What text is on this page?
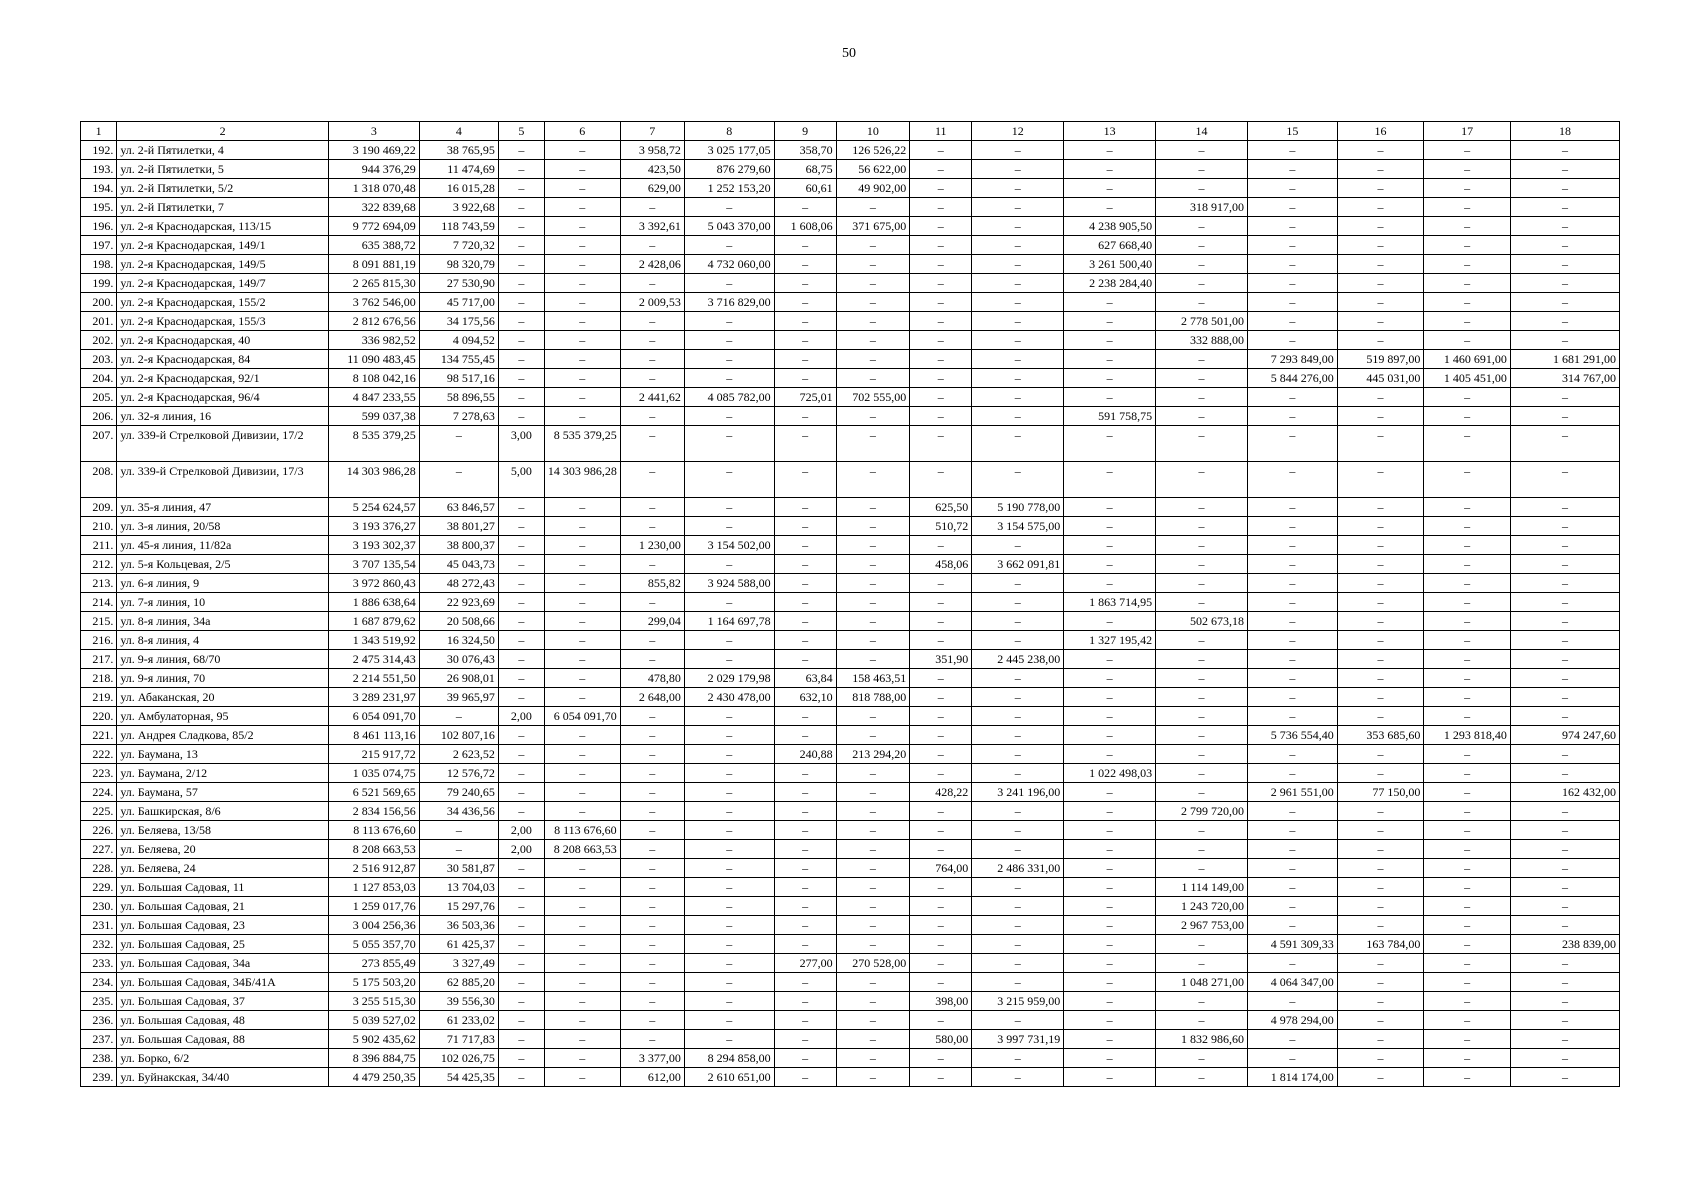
50
1	2	3	4	5	6	7	8	9	10	11	12	13	14	15	16	17	18
192.	ул. 2-й Пятилетки, 4	3 190 469,22	38 765,95	–	–	3 958,72	3 025 177,05	358,70	126 526,22	–	–	–	–	–	–	–	–
193.	ул. 2-й Пятилетки, 5	944 376,29	11 474,69	–	–	423,50	876 279,60	68,75	56 622,00	–	–	–	–	–	–	–	–
194.	ул. 2-й Пятилетки, 5/2	1 318 070,48	16 015,28	–	–	629,00	1 252 153,20	60,61	49 902,00	–	–	–	–	–	–	–	–
195.	ул. 2-й Пятилетки, 7	322 839,68	3 922,68	–	–	–	–	–	–	–	–	–	318 917,00	–	–	–	–
196.	ул. 2-я Краснодарская, 113/15	9 772 694,09	118 743,59	–	–	3 392,61	5 043 370,00	1 608,06	371 675,00	–	–	4 238 905,50	–	–	–	–	–
197.	ул. 2-я Краснодарская, 149/1	635 388,72	7 720,32	–	–	–	–	–	–	–	–	627 668,40	–	–	–	–	–
198.	ул. 2-я Краснодарская, 149/5	8 091 881,19	98 320,79	–	–	2 428,06	4 732 060,00	–	–	–	–	3 261 500,40	–	–	–	–	–
199.	ул. 2-я Краснодарская, 149/7	2 265 815,30	27 530,90	–	–	–	–	–	–	–	–	2 238 284,40	–	–	–	–	–
200.	ул. 2-я Краснодарская, 155/2	3 762 546,00	45 717,00	–	–	2 009,53	3 716 829,00	–	–	–	–	–	–	–	–	–	–
201.	ул. 2-я Краснодарская, 155/3	2 812 676,56	34 175,56	–	–	–	–	–	–	–	–	–	2 778 501,00	–	–	–	–
202.	ул. 2-я Краснодарская, 40	336 982,52	4 094,52	–	–	–	–	–	–	–	–	–	332 888,00	–	–	–	–
203.	ул. 2-я Краснодарская, 84	11 090 483,45	134 755,45	–	–	–	–	–	–	–	–	–	–	7 293 849,00	519 897,00	1 460 691,00	1 681 291,00
204.	ул. 2-я Краснодарская, 92/1	8 108 042,16	98 517,16	–	–	–	–	–	–	–	–	–	–	5 844 276,00	445 031,00	1 405 451,00	314 767,00
205.	ул. 2-я Краснодарская, 96/4	4 847 233,55	58 896,55	–	–	2 441,62	4 085 782,00	725,01	702 555,00	–	–	–	–	–	–	–	–
206.	ул. 32-я линия, 16	599 037,38	7 278,63	–	–	–	–	–	–	–	–	591 758,75	–	–	–	–	–
207.	ул. 339-й Стрелковой Дивизии, 17/2	8 535 379,25	–	3,00	8 535 379,25	–	–	–	–	–	–	–	–	–	–	–	–
208.	ул. 339-й Стрелковой Дивизии, 17/3	14 303 986,28	–	5,00	14 303 986,28	–	–	–	–	–	–	–	–	–	–	–	–
209.	ул. 35-я линия, 47	5 254 624,57	63 846,57	–	–	–	–	–	–	625,50	5 190 778,00	–	–	–	–	–	–
210.	ул. 3-я линия, 20/58	3 193 376,27	38 801,27	–	–	–	–	–	–	510,72	3 154 575,00	–	–	–	–	–	–
211.	ул. 45-я линия, 11/82а	3 193 302,37	38 800,37	–	–	1 230,00	3 154 502,00	–	–	–	–	–	–	–	–	–	–
212.	ул. 5-я Кольцевая, 2/5	3 707 135,54	45 043,73	–	–	–	–	–	–	458,06	3 662 091,81	–	–	–	–	–	–
213.	ул. 6-я линия, 9	3 972 860,43	48 272,43	–	–	855,82	3 924 588,00	–	–	–	–	–	–	–	–	–	–
214.	ул. 7-я линия, 10	1 886 638,64	22 923,69	–	–	–	–	–	–	–	–	1 863 714,95	–	–	–	–	–
215.	ул. 8-я линия, 34а	1 687 879,62	20 508,66	–	–	299,04	1 164 697,78	–	–	–	–	–	502 673,18	–	–	–	–
216.	ул. 8-я линия, 4	1 343 519,92	16 324,50	–	–	–	–	–	–	–	–	1 327 195,42	–	–	–	–	–
217.	ул. 9-я линия, 68/70	2 475 314,43	30 076,43	–	–	–	–	–	–	351,90	2 445 238,00	–	–	–	–	–	–
218.	ул. 9-я линия, 70	2 214 551,50	26 908,01	–	–	478,80	2 029 179,98	63,84	158 463,51	–	–	–	–	–	–	–	–
219.	ул. Абаканская, 20	3 289 231,97	39 965,97	–	–	2 648,00	2 430 478,00	632,10	818 788,00	–	–	–	–	–	–	–	–
220.	ул. Амбулаторная, 95	6 054 091,70	–	2,00	6 054 091,70	–	–	–	–	–	–	–	–	–	–	–	–
221.	ул. Андрея Сладкова, 85/2	8 461 113,16	102 807,16	–	–	–	–	–	–	–	–	–	–	5 736 554,40	353 685,60	1 293 818,40	974 247,60
222.	ул. Баумана, 13	215 917,72	2 623,52	–	–	–	–	240,88	213 294,20	–	–	–	–	–	–	–	–
223.	ул. Баумана, 2/12	1 035 074,75	12 576,72	–	–	–	–	–	–	–	–	1 022 498,03	–	–	–	–	–
224.	ул. Баумана, 57	6 521 569,65	79 240,65	–	–	–	–	–	–	428,22	3 241 196,00	–	–	2 961 551,00	77 150,00	–	162 432,00
225.	ул. Башкирская, 8/6	2 834 156,56	34 436,56	–	–	–	–	–	–	–	–	–	2 799 720,00	–	–	–	–
226.	ул. Беляева, 13/58	8 113 676,60	–	2,00	8 113 676,60	–	–	–	–	–	–	–	–	–	–	–	–
227.	ул. Беляева, 20	8 208 663,53	–	2,00	8 208 663,53	–	–	–	–	–	–	–	–	–	–	–	–
228.	ул. Беляева, 24	2 516 912,87	30 581,87	–	–	–	–	–	–	764,00	2 486 331,00	–	–	–	–	–	–
229.	ул. Большая Садовая, 11	1 127 853,03	13 704,03	–	–	–	–	–	–	–	–	–	1 114 149,00	–	–	–	–
230.	ул. Большая Садовая, 21	1 259 017,76	15 297,76	–	–	–	–	–	–	–	–	–	1 243 720,00	–	–	–	–
231.	ул. Большая Садовая, 23	3 004 256,36	36 503,36	–	–	–	–	–	–	–	–	–	2 967 753,00	–	–	–	–
232.	ул. Большая Садовая, 25	5 055 357,70	61 425,37	–	–	–	–	–	–	–	–	–	–	4 591 309,33	163 784,00	–	238 839,00
233.	ул. Большая Садовая, 34а	273 855,49	3 327,49	–	–	–	–	277,00	270 528,00	–	–	–	–	–	–	–	–
234.	ул. Большая Садовая, 34Б/41А	5 175 503,20	62 885,20	–	–	–	–	–	–	–	–	–	1 048 271,00	4 064 347,00	–	–	–
235.	ул. Большая Садовая, 37	3 255 515,30	39 556,30	–	–	–	–	–	–	398,00	3 215 959,00	–	–	–	–	–	–
236.	ул. Большая Садовая, 48	5 039 527,02	61 233,02	–	–	–	–	–	–	–	–	–	–	4 978 294,00	–	–	–
237.	ул. Большая Садовая, 88	5 902 435,62	71 717,83	–	–	–	–	–	–	580,00	3 997 731,19	–	1 832 986,60	–	–	–	–
238.	ул. Борко, 6/2	8 396 884,75	102 026,75	–	–	3 377,00	8 294 858,00	–	–	–	–	–	–	–	–	–	–
239.	ул. Буйнакская, 34/40	4 479 250,35	54 425,35	–	–	612,00	2 610 651,00	–	–	–	–	–	–	1 814 174,00	–	–	–
